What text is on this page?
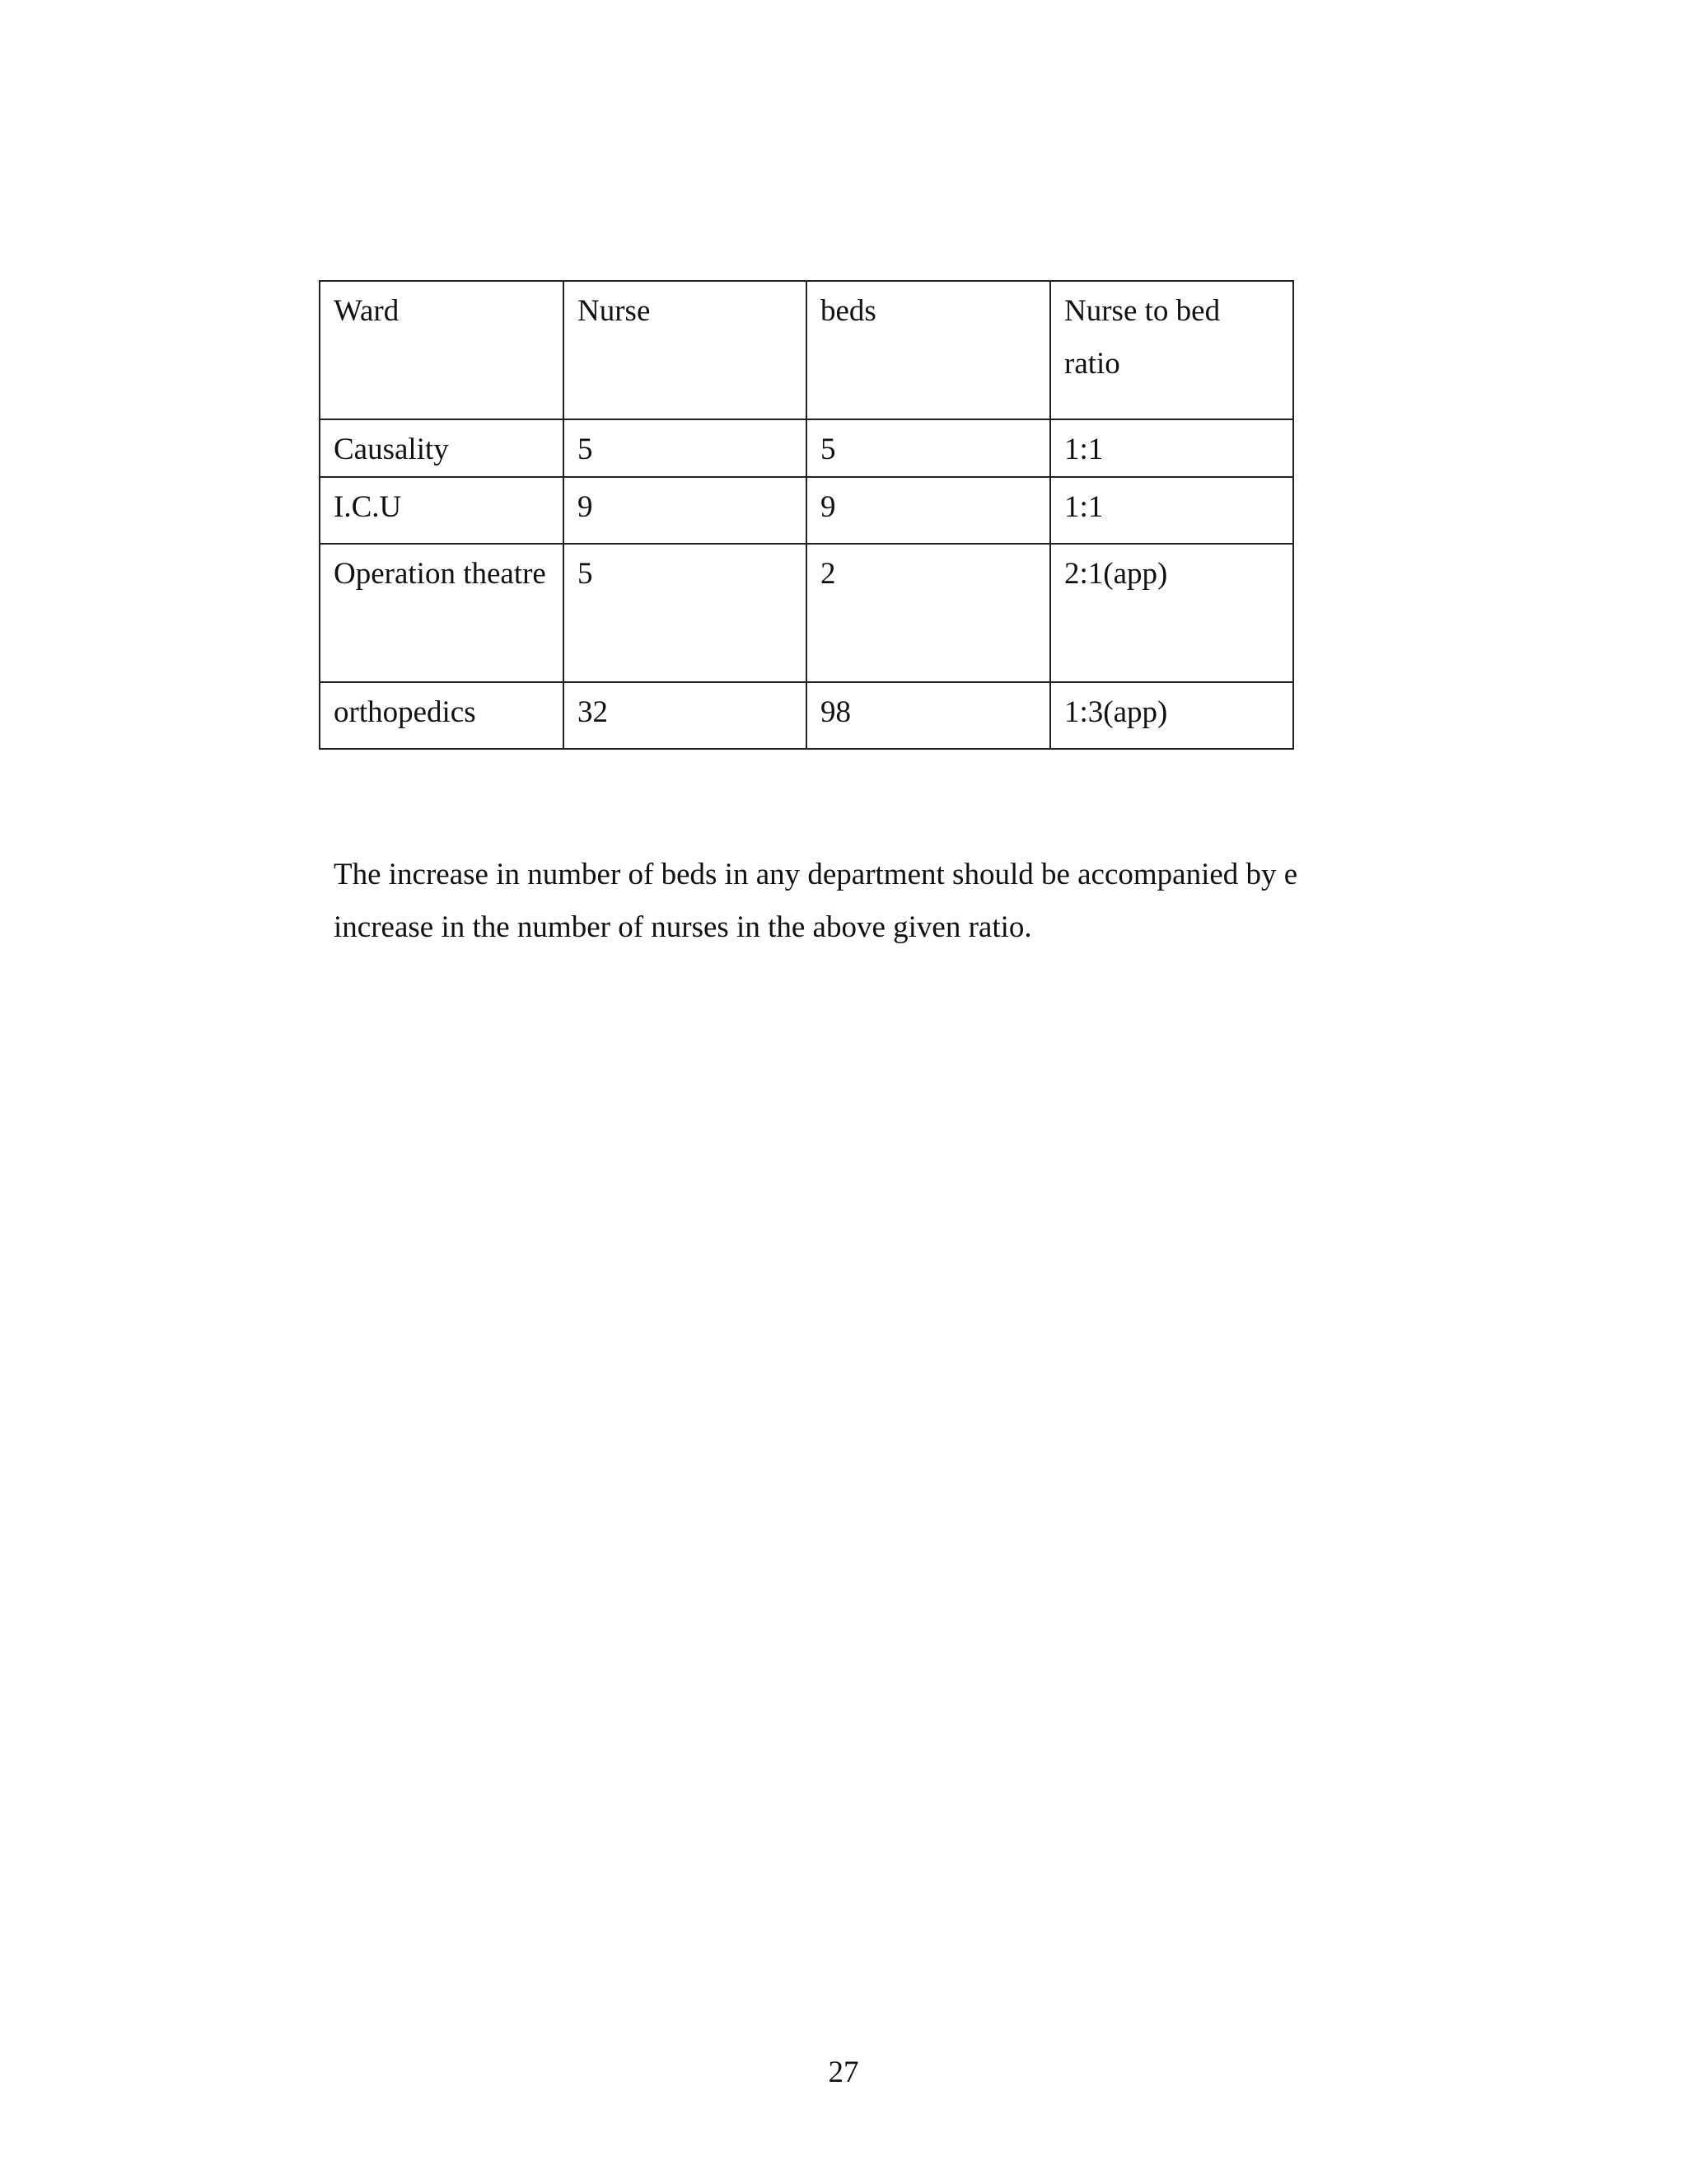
Ward	Nurse	beds	Nurse to bed ratio
Causality	5	5	1:1
I.C.U	9	9	1:1
Operation theatre	5	2	2:1(app)
orthopedics	32	98	1:3(app)

The increase in number of beds in any department should be accompanied by e increase in the number of nurses in the above given ratio.

27
